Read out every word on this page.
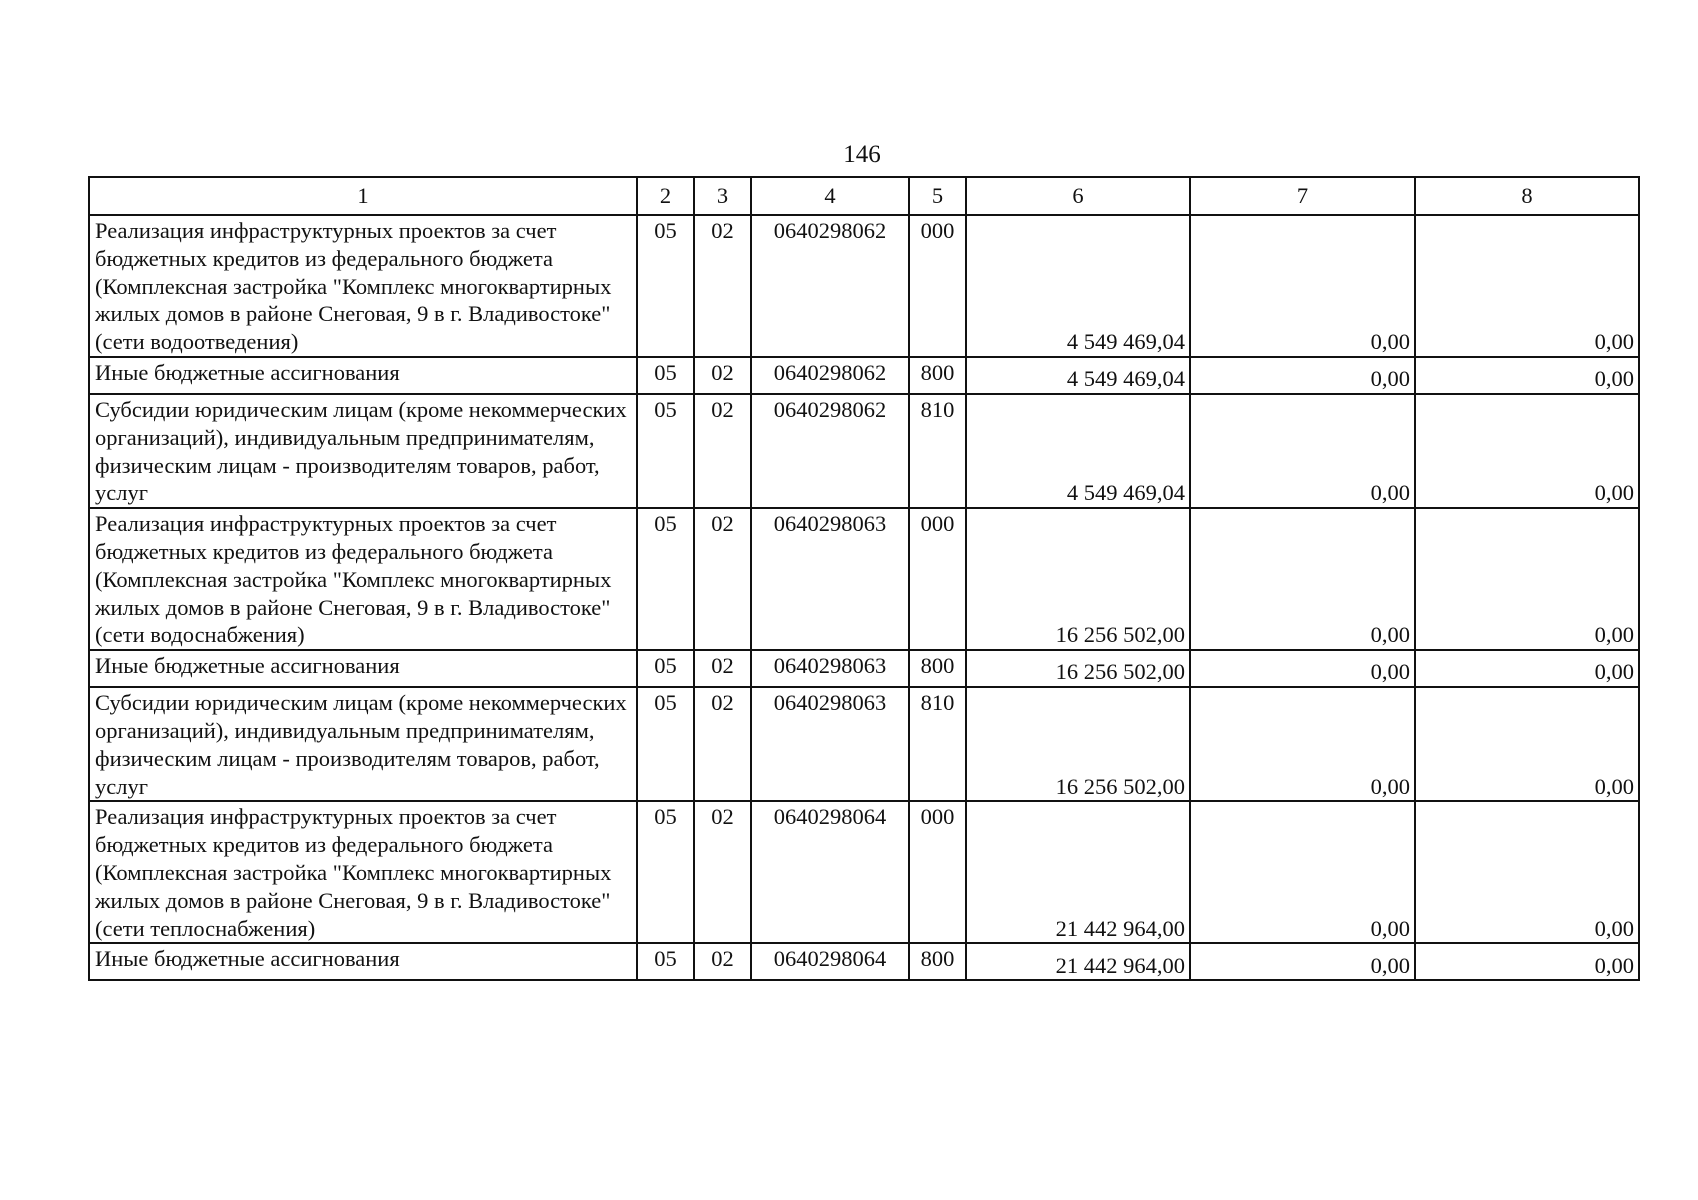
146
1	2	3	4	5	6	7	8
Реализация инфраструктурных проектов за счет бюджетных кредитов из федерального бюджета (Комплексная застройка "Комплекс многоквартирных жилых домов в районе Снеговая, 9 в г. Владивостоке" (сети водоотведения)	05	02	0640298062	000	4 549 469,04	0,00	0,00
Иные бюджетные ассигнования	05	02	0640298062	800	4 549 469,04	0,00	0,00
Субсидии юридическим лицам (кроме некоммерческих организаций), индивидуальным предпринимателям, физическим лицам - производителям товаров, работ, услуг	05	02	0640298062	810	4 549 469,04	0,00	0,00
Реализация инфраструктурных проектов за счет бюджетных кредитов из федерального бюджета (Комплексная застройка "Комплекс многоквартирных жилых домов в районе Снеговая, 9 в г. Владивостоке" (сети водоснабжения)	05	02	0640298063	000	16 256 502,00	0,00	0,00
Иные бюджетные ассигнования	05	02	0640298063	800	16 256 502,00	0,00	0,00
Субсидии юридическим лицам (кроме некоммерческих организаций), индивидуальным предпринимателям, физическим лицам - производителям товаров, работ, услуг	05	02	0640298063	810	16 256 502,00	0,00	0,00
Реализация инфраструктурных проектов за счет бюджетных кредитов из федерального бюджета (Комплексная застройка "Комплекс многоквартирных жилых домов в районе Снеговая, 9 в г. Владивостоке" (сети теплоснабжения)	05	02	0640298064	000	21 442 964,00	0,00	0,00
Иные бюджетные ассигнования	05	02	0640298064	800	21 442 964,00	0,00	0,00
